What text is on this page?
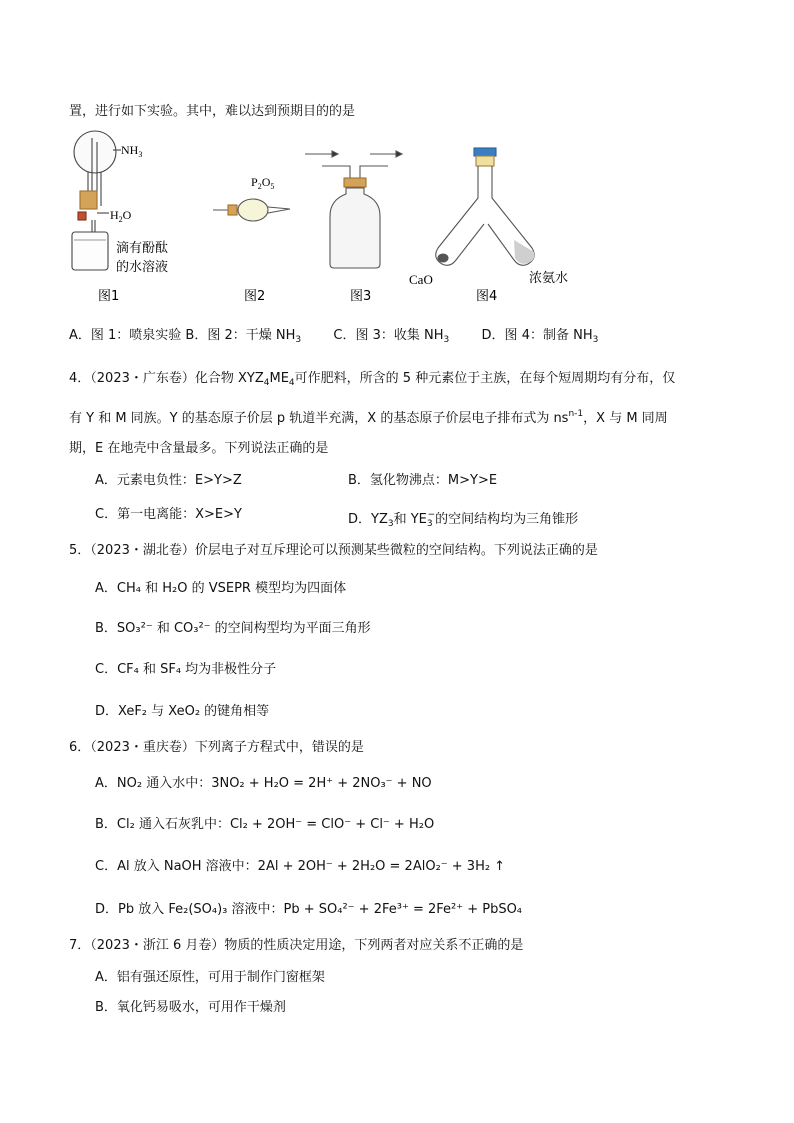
置，进行如下实验。其中，难以达到预期目的的是
$NH_3$
$H_2O$
滴有酚酞
的水溶液
图1
$P_2O_5$
图2	图3
CaO	浓氨水
图4
A．图 1：喷泉实验 B．图 2：干燥 $NH_3$ C．图 3：收集 $NH_3$ D．图 4：制备 $NH_3$
4．（2023・广东卷）化合物 $XYZ_4ME_4$可作肥料，所含的 5 种元素位于主族，在每个短周期均有分布，仅
有 Y 和 M 同族。Y 的基态原子价层 p 轨道半充满，X 的基态原子价层电子排布式为 $ns^{n-1}$，X 与 M 同周
期，E 在地壳中含量最多。下列说法正确的是
A．元素电负性：E>Y>Z	B．氢化物沸点：M>Y>E
C．第一电离能：X>E>Y	D．$YZ_3$和 $YE_3^-$的空间结构均为三角锥形
5．（2023・湖北卷）价层电子对互斥理论可以预测某些微粒的空间结构。下列说法正确的是
A．CH₄ 和 H₂O 的 VSEPR 模型均为四面体
B．SO₃²⁻ 和 CO₃²⁻ 的空间构型均为平面三角形
C．CF₄ 和 SF₄ 均为非极性分子
D．XeF₂ 与 XeO₂ 的键角相等
6．（2023・重庆卷）下列离子方程式中，错误的是
A．NO₂ 通入水中：3NO₂ + H₂O = 2H⁺ + 2NO₃⁻ + NO
B．Cl₂ 通入石灰乳中：Cl₂ + 2OH⁻ = ClO⁻ + Cl⁻ + H₂O
C．Al 放入 NaOH 溶液中：2Al + 2OH⁻ + 2H₂O = 2AlO₂⁻ + 3H₂ ↑
D．Pb 放入 Fe₂(SO₄)₃ 溶液中：Pb + SO₄²⁻ + 2Fe³⁺ = 2Fe²⁺ + PbSO₄
7．（2023・浙江 6 月卷）物质的性质决定用途，下列两者对应关系不正确的是
A．铝有强还原性，可用于制作门窗框架
B．氧化钙易吸水，可用作干燥剂
